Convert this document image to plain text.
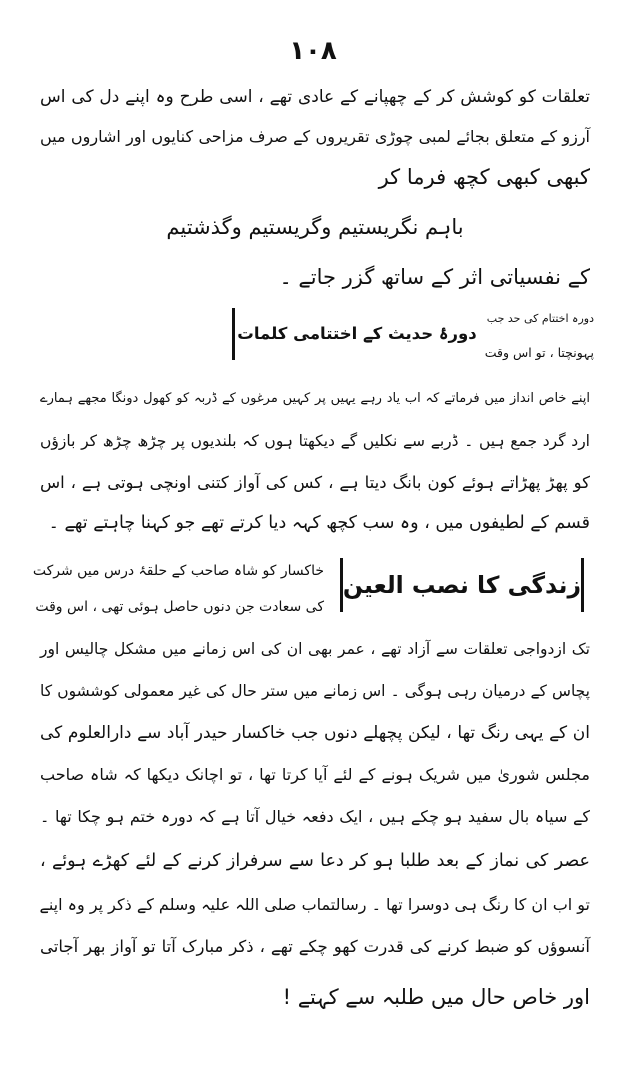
۱۰۸
تعلقات کو کوشش کر کے چھپانے کے عادی تھے ، اسی طرح وہ اپنے دل کی اس
آرزو کے متعلق بجائے لمبی چوڑی تقریروں کے صرف مزاحی کنایوں اور اشاروں میں
کبھی کبھی کچھ فرما کر
باہم نگریستیم وگریستیم وگذشتیم
کے نفسیاتی اثر کے ساتھ گزر جاتے ۔
دورۂ حدیث کے اختتامی کلمات
دورہ اختتام کی حد جب
پہونچتا ، تو اس وقت
اپنے خاص انداز میں فرماتے کہ اب یاد رہے یہیں پر کہیں مرغوں کے ڈربہ کو کھول دونگا مجھے ہمارے
ارد گرد جمع ہیں ۔ ڈربے سے نکلیں گے دیکھتا ہوں کہ بلندیوں پر چڑھ چڑھ کر بازؤں
کو پھڑ پھڑاتے ہوئے کون بانگ دیتا ہے ، کس کی آواز کتنی اونچی ہوتی ہے ، اس
قسم کے لطیفوں میں ، وہ سب کچھ کہہ دیا کرتے تھے جو کہنا چاہتے تھے ۔
زندگی کا نصب العین
خاکسار کو شاہ صاحب کے حلقۂ درس میں شرکت
کی سعادت جن دنوں حاصل ہوئی تھی ، اس وقت
تک ازدواجی تعلقات سے آزاد تھے ، عمر بھی ان کی اس زمانے میں مشکل چالیس اور
پچاس کے درمیان رہی ہوگی ۔ اس زمانے میں ستر حال کی غیر معمولی کوششوں کا
ان کے یہی رنگ تھا ، لیکن پچھلے دنوں جب خاکسار حیدر آباد سے دارالعلوم کی
مجلس شوریٰ میں شریک ہونے کے لئے آیا کرتا تھا ، تو اچانک دیکھا کہ شاہ صاحب
کے سیاہ بال سفید ہو چکے ہیں ، ایک دفعہ خیال آتا ہے کہ دورہ ختم ہو چکا تھا ۔
عصر کی نماز کے بعد طلبا ہو کر دعا سے سرفراز کرنے کے لئے کھڑے ہوئے ،
تو اب ان کا رنگ ہی دوسرا تھا ۔ رسالتماب صلی اللہ علیہ وسلم کے ذکر پر وہ اپنے
آنسوؤں کو ضبط کرنے کی قدرت کھو چکے تھے ، ذکر مبارک آتا تو آواز بھر آجاتی
اور خاص حال میں طلبہ سے کہتے !
